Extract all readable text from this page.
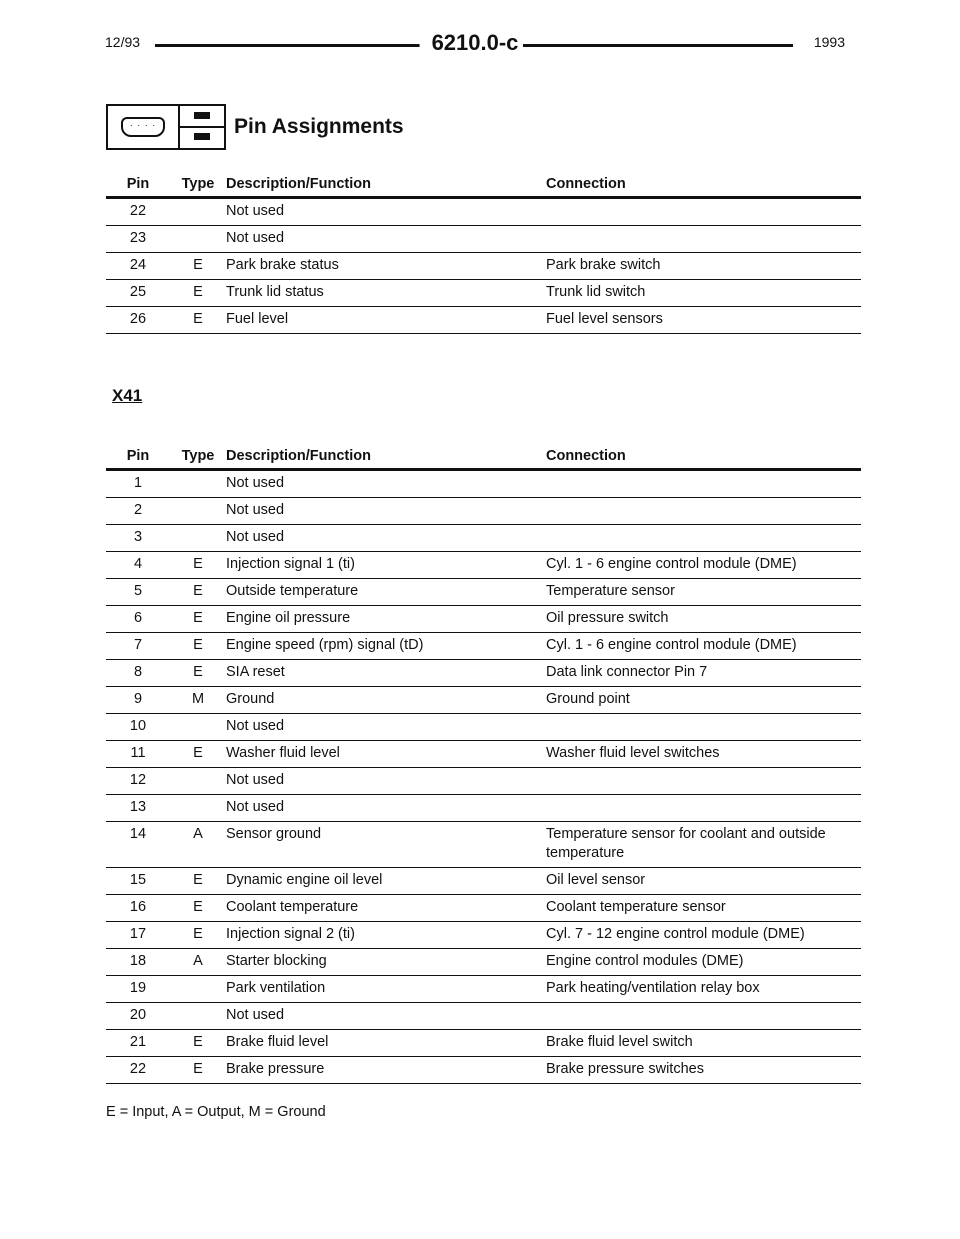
12/93	6210.0-c	1993
· · · ·	Pin Assignments
Pin	Type	Description/Function	Connection
22		Not used	
23		Not used	
24	E	Park brake status	Park brake switch
25	E	Trunk lid status	Trunk lid switch
26	E	Fuel level	Fuel level sensors
X41
Pin	Type	Description/Function	Connection
1		Not used	
2		Not used	
3		Not used	
4	E	Injection signal 1 (ti)	Cyl. 1 - 6 engine control module (DME)
5	E	Outside temperature	Temperature sensor
6	E	Engine oil pressure	Oil pressure switch
7	E	Engine speed (rpm) signal (tD)	Cyl. 1 - 6 engine control module (DME)
8	E	SIA reset	Data link connector Pin 7
9	M	Ground	Ground point
10		Not used	
11	E	Washer fluid level	Washer fluid level switches
12		Not used	
13		Not used	
14	A	Sensor ground	Temperature sensor for coolant and outside temperature
15	E	Dynamic engine oil level	Oil level sensor
16	E	Coolant temperature	Coolant temperature sensor
17	E	Injection signal 2 (ti)	Cyl. 7 - 12 engine control module (DME)
18	A	Starter blocking	Engine control modules (DME)
19		Park ventilation	Park heating/ventilation relay box
20		Not used	
21	E	Brake fluid level	Brake fluid level switch
22	E	Brake pressure	Brake pressure switches
E = Input, A = Output, M = Ground
